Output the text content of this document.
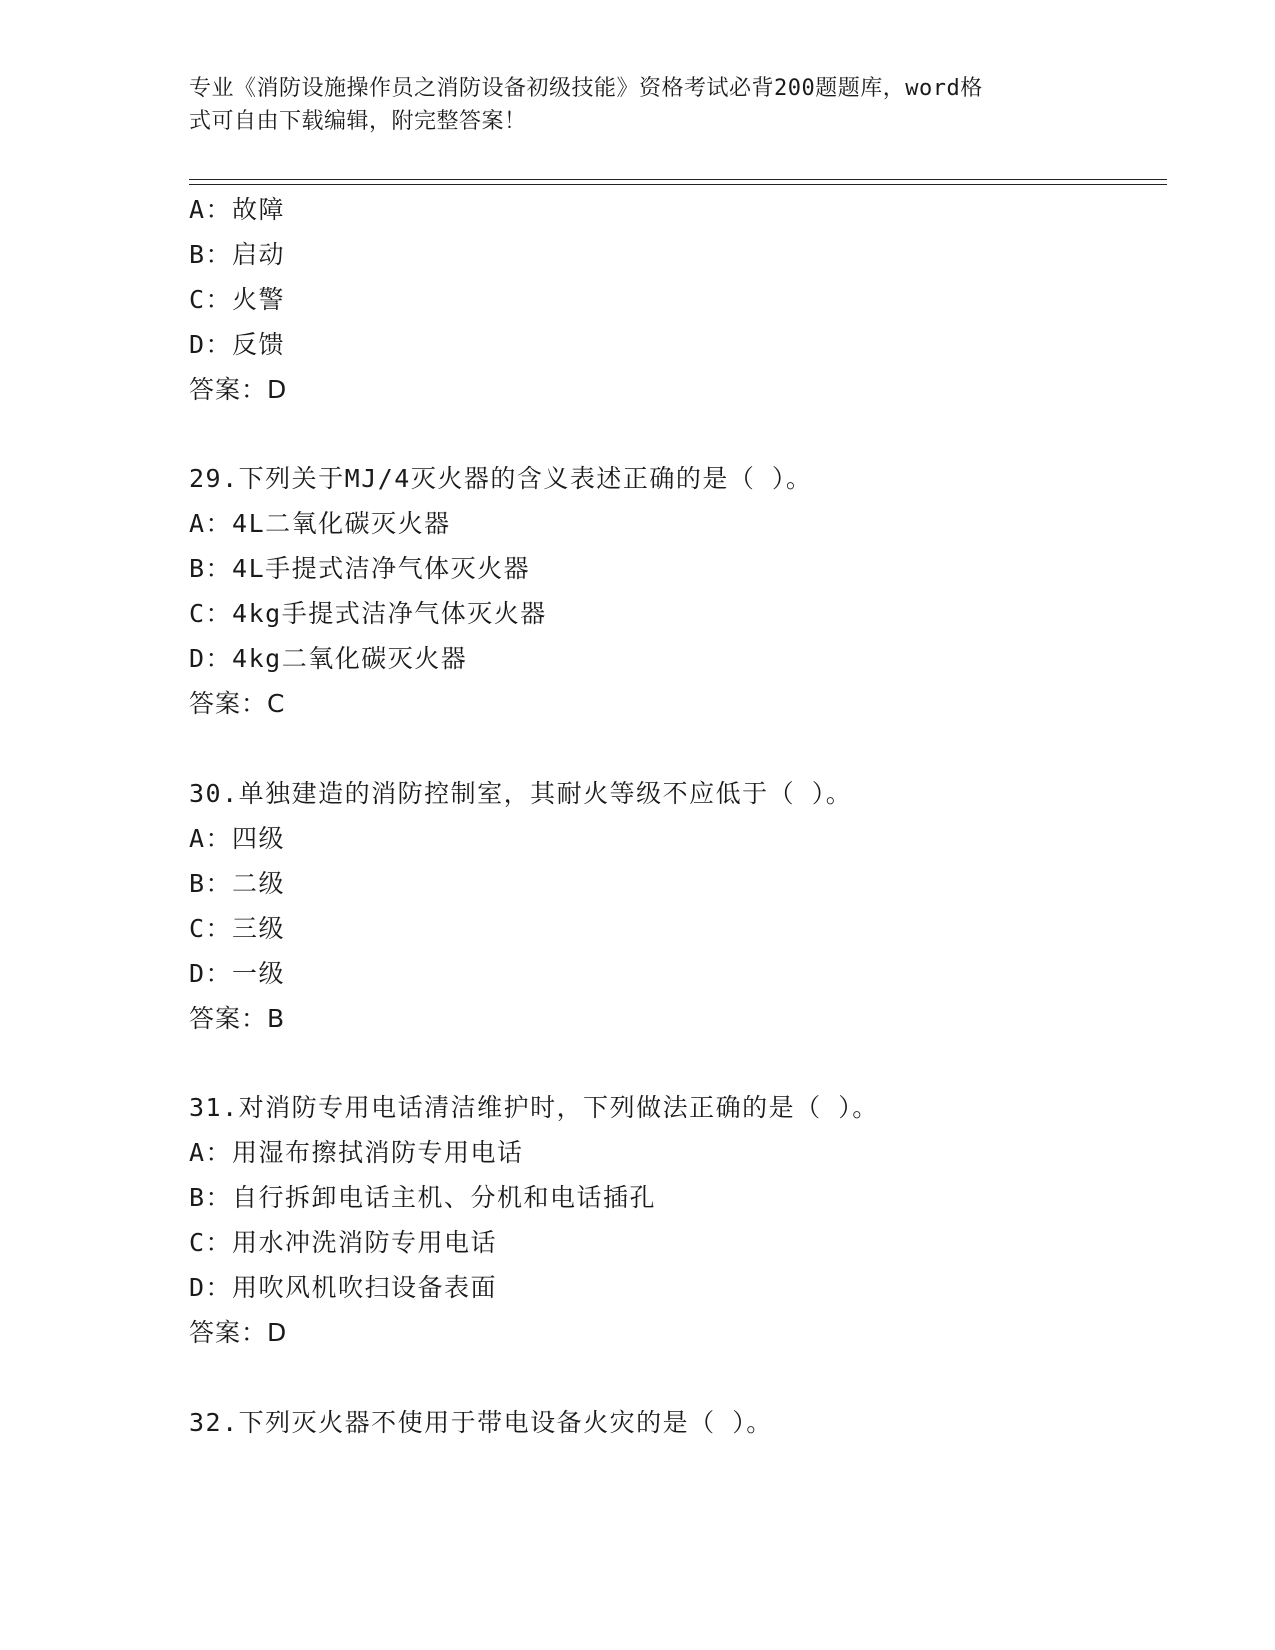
专业《消防设施操作员之消防设备初级技能》资格考试必背200题题库，word格
式可自由下载编辑，附完整答案！
A：故障
B：启动
C：火警
D：反馈
答案：D
29.下列关于MJ/4灭火器的含义表述正确的是（ ）。
A：4L二氧化碳灭火器
B：4L手提式洁净气体灭火器
C：4kg手提式洁净气体灭火器
D：4kg二氧化碳灭火器
答案：C
30.单独建造的消防控制室，其耐火等级不应低于（ ）。
A：四级
B：二级
C：三级
D：一级
答案：B
31.对消防专用电话清洁维护时，下列做法正确的是（ ）。
A：用湿布擦拭消防专用电话
B：自行拆卸电话主机、分机和电话插孔
C：用水冲洗消防专用电话
D：用吹风机吹扫设备表面
答案：D
32.下列灭火器不使用于带电设备火灾的是（ ）。
